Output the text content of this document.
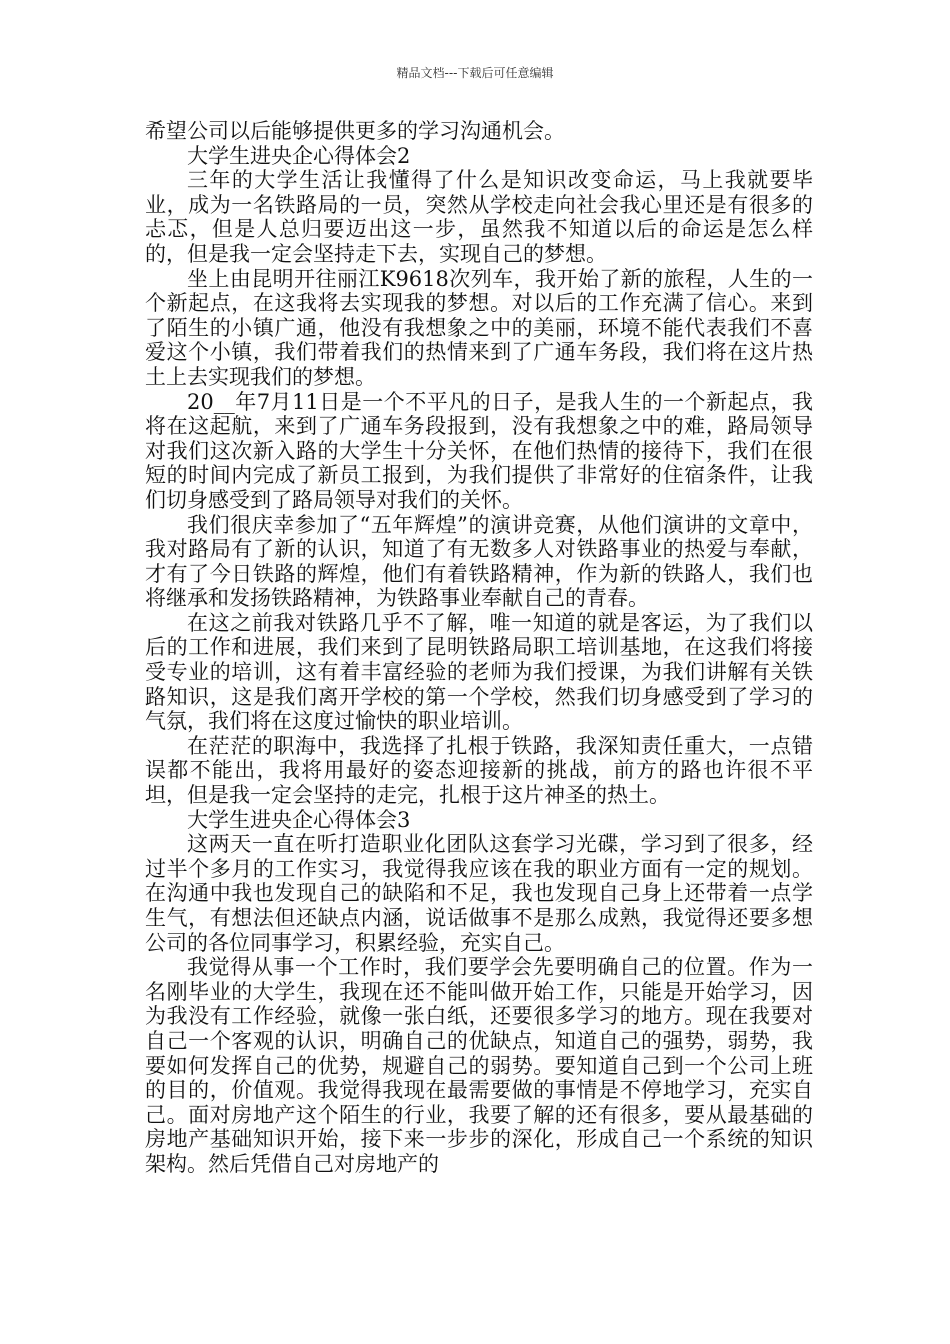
精品文档---下载后可任意编辑

希望公司以后能够提供更多的学习沟通机会。

大学生进央企心得体会2

三年的大学生活让我懂得了什么是知识改变命运，马上我就要毕业，成为一名铁路局的一员，突然从学校走向社会我心里还是有很多的忐忑，但是人总归要迈出这一步，虽然我不知道以后的命运是怎么样的，但是我一定会坚持走下去，实现自己的梦想。

坐上由昆明开往丽江K9618次列车，我开始了新的旅程，人生的一个新起点，在这我将去实现我的梦想。对以后的工作充满了信心。来到了陌生的小镇广通，他没有我想象之中的美丽，环境不能代表我们不喜爱这个小镇，我们带着我们的热情来到了广通车务段，我们将在这片热土上去实现我们的梦想。

20__年7月11日是一个不平凡的日子，是我人生的一个新起点，我将在这起航，来到了广通车务段报到，没有我想象之中的难，路局领导对我们这次新入路的大学生十分关怀，在他们热情的接待下，我们在很短的时间内完成了新员工报到，为我们提供了非常好的住宿条件，让我们切身感受到了路局领导对我们的关怀。

我们很庆幸参加了“五年辉煌”的演讲竞赛，从他们演讲的文章中，我对路局有了新的认识，知道了有无数多人对铁路事业的热爱与奉献，才有了今日铁路的辉煌，他们有着铁路精神，作为新的铁路人，我们也将继承和发扬铁路精神，为铁路事业奉献自己的青春。

在这之前我对铁路几乎不了解，唯一知道的就是客运，为了我们以后的工作和进展，我们来到了昆明铁路局职工培训基地，在这我们将接受专业的培训，这有着丰富经验的老师为我们授课，为我们讲解有关铁路知识，这是我们离开学校的第一个学校，然我们切身感受到了学习的气氛，我们将在这度过愉快的职业培训。

在茫茫的职海中，我选择了扎根于铁路，我深知责任重大，一点错误都不能出，我将用最好的姿态迎接新的挑战，前方的路也许很不平坦，但是我一定会坚持的走完，扎根于这片神圣的热土。

大学生进央企心得体会3

这两天一直在听打造职业化团队这套学习光碟，学习到了很多，经过半个多月的工作实习，我觉得我应该在我的职业方面有一定的规划。在沟通中我也发现自己的缺陷和不足，我也发现自己身上还带着一点学生气，有想法但还缺点内涵，说话做事不是那么成熟，我觉得还要多想公司的各位同事学习，积累经验，充实自己。

我觉得从事一个工作时，我们要学会先要明确自己的位置。作为一名刚毕业的大学生，我现在还不能叫做开始工作，只能是开始学习，因为我没有工作经验，就像一张白纸，还要很多学习的地方。现在我要对自己一个客观的认识，明确自己的优缺点，知道自己的强势，弱势，我要如何发挥自己的优势，规避自己的弱势。要知道自己到一个公司上班的目的，价值观。我觉得我现在最需要做的事情是不停地学习，充实自己。面对房地产这个陌生的行业，我要了解的还有很多，要从最基础的房地产基础知识开始，接下来一步步的深化，形成自己一个系统的知识架构。然后凭借自己对房地产的
